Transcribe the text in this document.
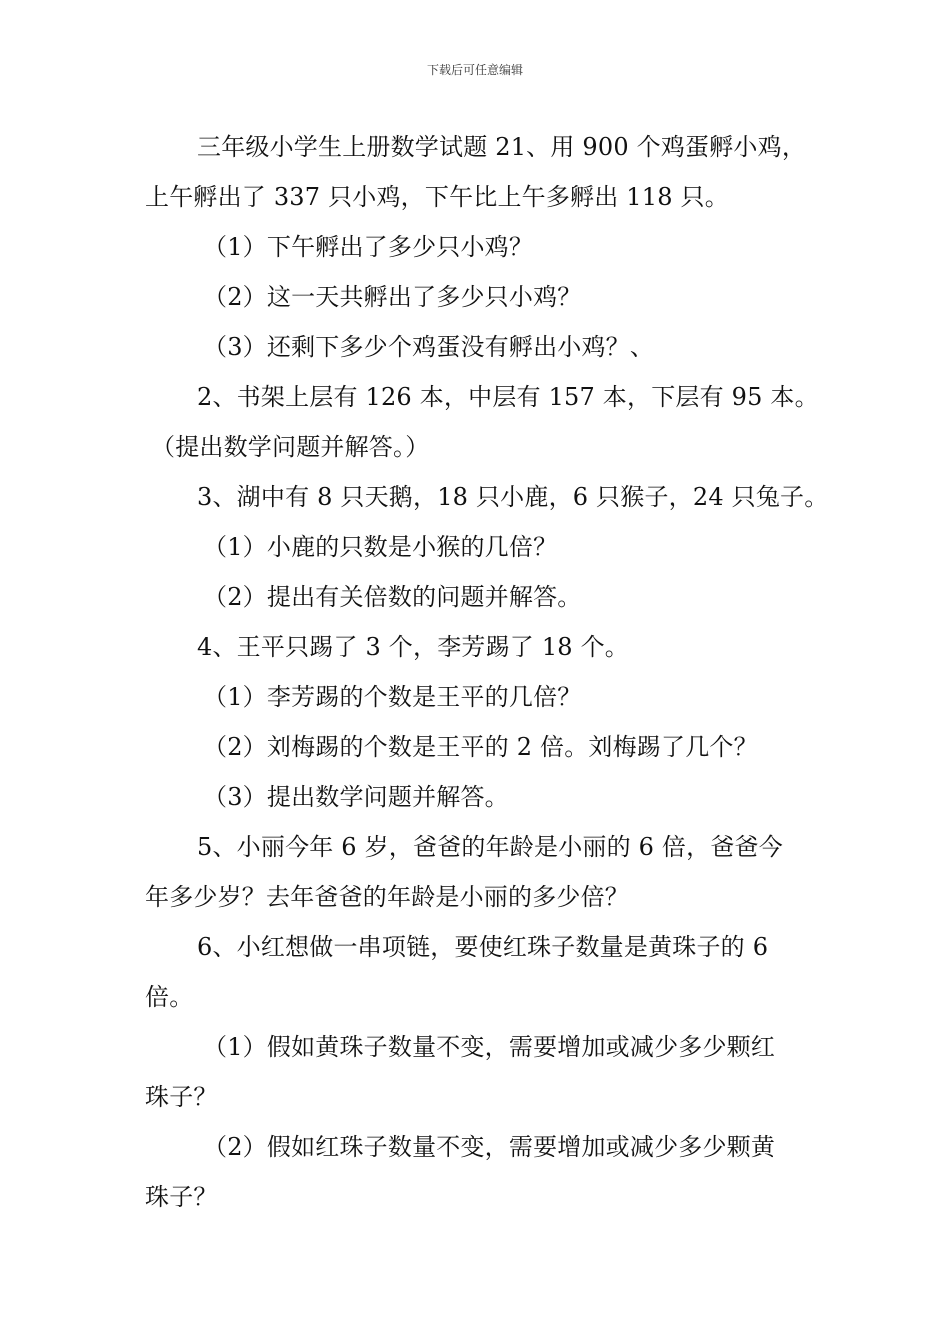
下载后可任意编辑
三年级小学生上册数学试题 21、用 900 个鸡蛋孵小鸡，
上午孵出了 337 只小鸡，下午比上午多孵出 118 只。
（1）下午孵出了多少只小鸡？
（2）这一天共孵出了多少只小鸡？
（3）还剩下多少个鸡蛋没有孵出小鸡？、
2、书架上层有 126 本，中层有 157 本，下层有 95 本。
（提出数学问题并解答。）
3、湖中有 8 只天鹅，18 只小鹿，6 只猴子，24 只兔子。
（1）小鹿的只数是小猴的几倍？
（2）提出有关倍数的问题并解答。
4、王平只踢了 3 个，李芳踢了 18 个。
（1）李芳踢的个数是王平的几倍？
（2）刘梅踢的个数是王平的 2 倍。刘梅踢了几个？
（3）提出数学问题并解答。
5、小丽今年 6 岁，爸爸的年龄是小丽的 6 倍，爸爸今
年多少岁？去年爸爸的年龄是小丽的多少倍？
6、小红想做一串项链，要使红珠子数量是黄珠子的 6
倍。
（1）假如黄珠子数量不变，需要增加或减少多少颗红
珠子？
（2）假如红珠子数量不变，需要增加或减少多少颗黄
珠子？
